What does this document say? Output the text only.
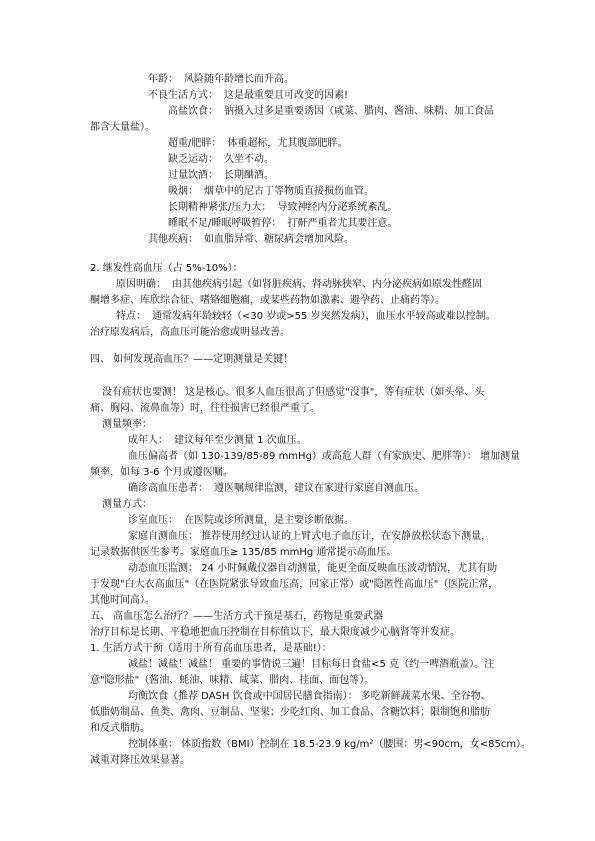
年龄： 风险随年龄增长而升高。
不良生活方式： 这是最重要且可改变的因素!
高盐饮食： 钠摄入过多是重要诱因（咸菜、腊肉、酱油、味精、加工食品
都含大量盐）。
超重/肥胖： 体重超标，尤其腹部肥胖。
缺乏运动： 久坐不动。
过量饮酒： 长期酗酒。
吸烟： 烟草中的尼古丁等物质直接损伤血管。
长期精神紧张/压力大： 导致神经内分泌系统紊乱。
睡眠不足/睡眠呼吸暂停： 打鼾严重者尤其要注意。
其他疾病： 如血脂异常、糖尿病会增加风险。
2. 继发性高血压（占 5%-10%）：
原因明确： 由其他疾病引起（如肾脏疾病、肾动脉狭窄、内分泌疾病如原发性醛固
酮增多症、库欣综合征、嗜铬细胞瘤，或某些药物如激素、避孕药、止痛药等）。
特点： 通常发病年龄较轻（<30 岁或>55 岁突然发病），血压水平较高或难以控制。
治疗原发病后，高血压可能治愈或明显改善。
四、 如何发现高血压？——定期测量是关键！
没有症状也要测！ 这是核心。很多人血压很高了但感觉"没事"，等有症状（如头晕、头
痛、胸闷、流鼻血等）时，往往损害已经很严重了。
测量频率：
成年人： 建议每年至少测量 1 次血压。
血压偏高者（如 130-139/85-89 mmHg）或高危人群（有家族史、肥胖等）： 增加测量
频率，如每 3-6 个月或遵医嘱。
确诊高血压患者： 遵医嘱规律监测，建议在家进行家庭自测血压。
测量方式：
诊室血压： 在医院或诊所测量，是主要诊断依据。
家庭自测血压： 推荐使用经过认证的上臂式电子血压计，在安静放松状态下测量，
记录数据供医生参考。家庭血压≥ 135/85 mmHg 通常提示高血压。
动态血压监测： 24 小时佩戴仪器自动测量，能更全面反映血压波动情况，尤其有助
于发现"白大衣高血压"（在医院紧张导致血压高，回家正常）或"隐匿性高血压"（医院正常，
其他时间高）。
五、 高血压怎么治疗？——生活方式干预是基石，药物是重要武器
治疗目标是长期、平稳地把血压控制在目标值以下，最大限度减少心脑肾等并发症。
1. 生活方式干预（适用于所有高血压患者，是基础!）：
减盐！减盐！减盐！ 重要的事情说三遍！目标每日食盐<5 克（约一啤酒瓶盖）。注
意"隐形盐"（酱油、蚝油、味精、咸菜、腊肉、挂面、面包等）。
均衡饮食（推荐 DASH 饮食或中国居民膳食指南）： 多吃新鲜蔬菜水果、全谷物、
低脂奶制品、鱼类、禽肉、豆制品、坚果；少吃红肉、加工食品、含糖饮料；限制饱和脂肪
和反式脂肪。
控制体重： 体质指数（BMI）控制在 18.5-23.9 kg/m²（腰围：男<90cm，女<85cm）。
减重对降压效果显著。
